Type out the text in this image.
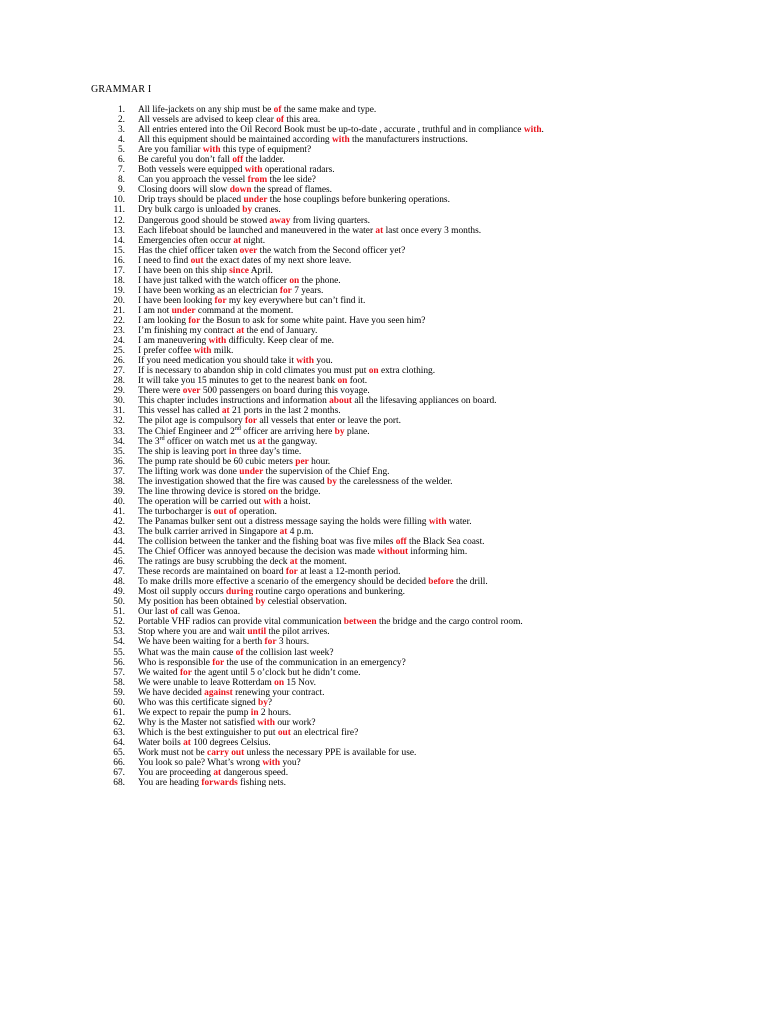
GRAMMAR I
1. All life-jackets on any ship must be of the same make and type.
2. All vessels are advised to keep clear of this area.
3. All entries entered into the Oil Record Book must be up-to-date , accurate , truthful and in compliance with.
4. All this equipment should be maintained according with the manufacturers instructions.
5. Are you familiar with this type of equipment?
6. Be careful you don’t fall off the ladder.
7. Both vessels were equipped with operational radars.
8. Can you approach the vessel from the lee side?
9. Closing doors will slow down the spread of flames.
10. Drip trays should be placed under the hose couplings before bunkering operations.
11. Dry bulk cargo is unloaded by cranes.
12. Dangerous good should be stowed away from living quarters.
13. Each lifeboat should be launched and maneuvered in the water at last once every 3 months.
14. Emergencies often occur at night.
15. Has the chief officer taken over the watch from the Second officer yet?
16. I need to find out the exact dates of my next shore leave.
17. I have been on this ship since April.
18. I have just talked with the watch officer on the phone.
19. I have been working as an electrician for 7 years.
20. I have been looking for my key everywhere but can’t find it.
21. I am not under command at the moment.
22. I am looking for the Bosun to ask for some white paint. Have you seen him?
23. I’m finishing my contract at the end of January.
24. I am maneuvering with difficulty. Keep clear of me.
25. I prefer coffee with milk.
26. If you need medication you should take it with you.
27. If is necessary to abandon ship in cold climates you must put on extra clothing.
28. It will take you 15 minutes to get to the nearest bank on foot.
29. There were over 500 passengers on board during this voyage.
30. This chapter includes instructions and information about all the lifesaving appliances on board.
31. This vessel has called at 21 ports in the last 2 months.
32. The pilot age is compulsory for all vessels that enter or leave the port.
33. The Chief Engineer and 2nd officer are arriving here by plane.
34. The 3rd officer on watch met us at the gangway.
35. The ship is leaving port in three day’s time.
36. The pump rate should be 60 cubic meters per hour.
37. The lifting work was done under the supervision of the Chief Eng.
38. The investigation showed that the fire was caused by the carelessness of the welder.
39. The line throwing device is stored on the bridge.
40. The operation will be carried out with a hoist.
41. The turbocharger is out of operation.
42. The Panamas bulker sent out a distress message saying the holds were filling with water.
43. The bulk carrier arrived in Singapore at 4 p.m.
44. The collision between the tanker and the fishing boat was five miles off the Black Sea coast.
45. The Chief Officer was annoyed because the decision was made without informing him.
46. The ratings are busy scrubbing the deck at the moment.
47. These records are maintained on board for at least a 12-month period.
48. To make drills more effective a scenario of the emergency should be decided before the drill.
49. Most oil supply occurs during routine cargo operations and bunkering.
50. My position has been obtained by celestial observation.
51. Our last of call was Genoa.
52. Portable VHF radios can provide vital communication between the bridge and the cargo control room.
53. Stop where you are and wait until the pilot arrives.
54. We have been waiting for a berth for 3 hours.
55. What was the main cause of the collision last week?
56. Who is responsible for the use of the communication in an emergency?
57. We waited for the agent until 5 o’clock but he didn’t come.
58. We were unable to leave Rotterdam on 15 Nov.
59. We have decided against renewing your contract.
60. Who was this certificate signed by?
61. We expect to repair the pump in 2 hours.
62. Why is the Master not satisfied with our work?
63. Which is the best extinguisher to put out an electrical fire?
64. Water boils at 100 degrees Celsius.
65. Work must not be carry out unless the necessary PPE is available for use.
66. You look so pale? What’s wrong with you?
67. You are proceeding at dangerous speed.
68. You are heading forwards fishing nets.
